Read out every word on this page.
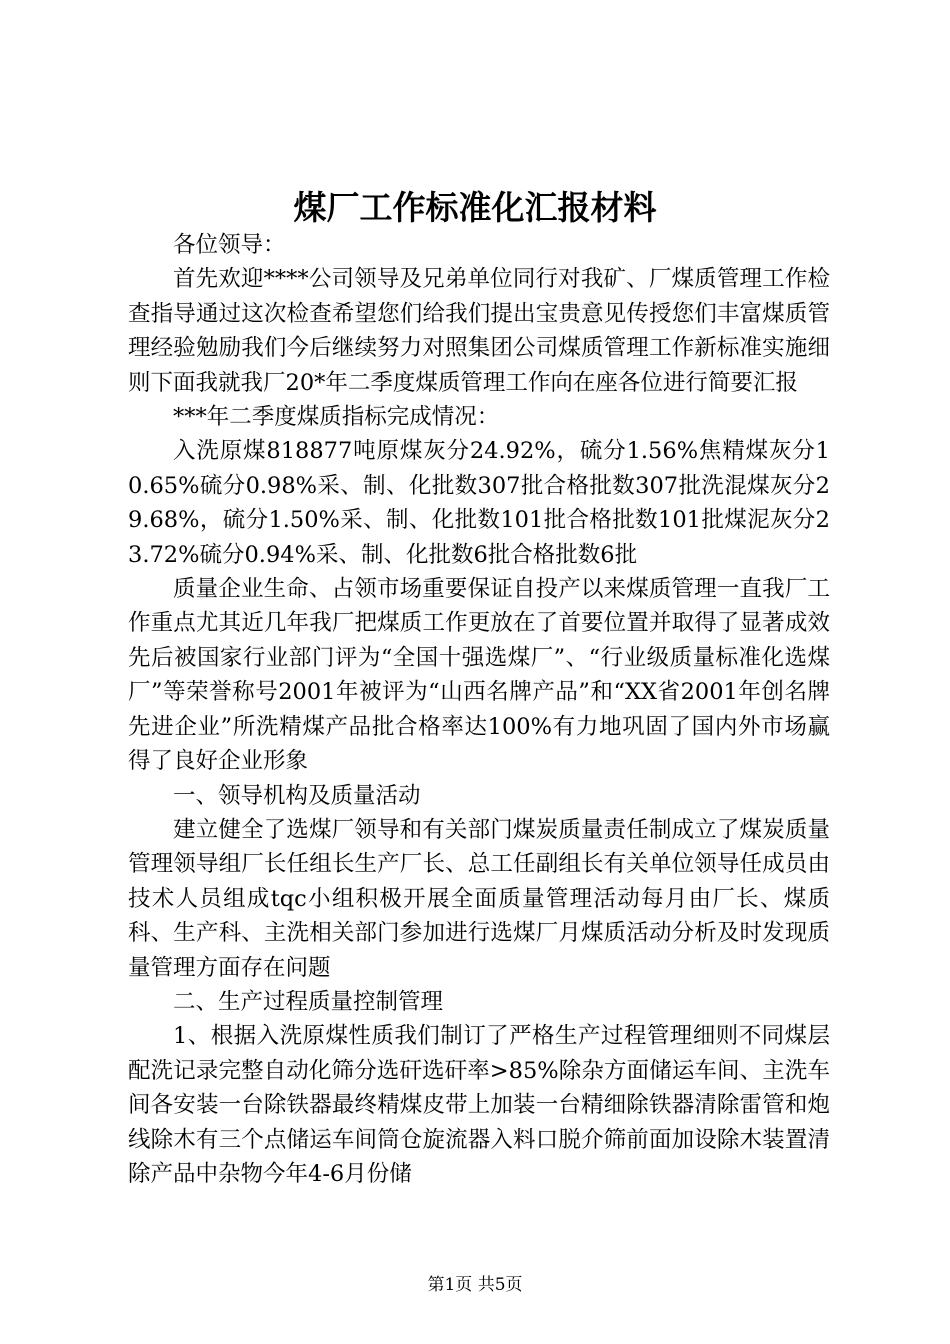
煤厂工作标准化汇报材料

各位领导：

首先欢迎****公司领导及兄弟单位同行对我矿、厂煤质管理工作检查指导通过这次检查希望您们给我们提出宝贵意见传授您们丰富煤质管理经验勉励我们今后继续努力对照集团公司煤质管理工作新标准实施细则下面我就我厂20*年二季度煤质管理工作向在座各位进行简要汇报

***年二季度煤质指标完成情况：

入洗原煤818877吨原煤灰分24.92%，硫分1.56%焦精煤灰分10.65%硫分0.98%采、制、化批数307批合格批数307批洗混煤灰分29.68%，硫分1.50%采、制、化批数101批合格批数101批煤泥灰分23.72%硫分0.94%采、制、化批数6批合格批数6批

质量企业生命、占领市场重要保证自投产以来煤质管理一直我厂工作重点尤其近几年我厂把煤质工作更放在了首要位置并取得了显著成效先后被国家行业部门评为“全国十强选煤厂”、“行业级质量标准化选煤厂”等荣誉称号2001年被评为“山西名牌产品”和“XX省2001年创名牌先进企业”所洗精煤产品批合格率达100%有力地巩固了国内外市场赢得了良好企业形象

一、领导机构及质量活动

建立健全了选煤厂领导和有关部门煤炭质量责任制成立了煤炭质量管理领导组厂长任组长生产厂长、总工任副组长有关单位领导任成员由技术人员组成tqc小组积极开展全面质量管理活动每月由厂长、煤质科、生产科、主洗相关部门参加进行选煤厂月煤质活动分析及时发现质量管理方面存在问题

二、生产过程质量控制管理

1、根据入洗原煤性质我们制订了严格生产过程管理细则不同煤层配洗记录完整自动化筛分选矸选矸率>85%除杂方面储运车间、主洗车间各安装一台除铁器最终精煤皮带上加装一台精细除铁器清除雷管和炮线除木有三个点储运车间筒仓旋流器入料口脱介筛前面加设除木装置清除产品中杂物今年4-6月份储

第1页 共5页
